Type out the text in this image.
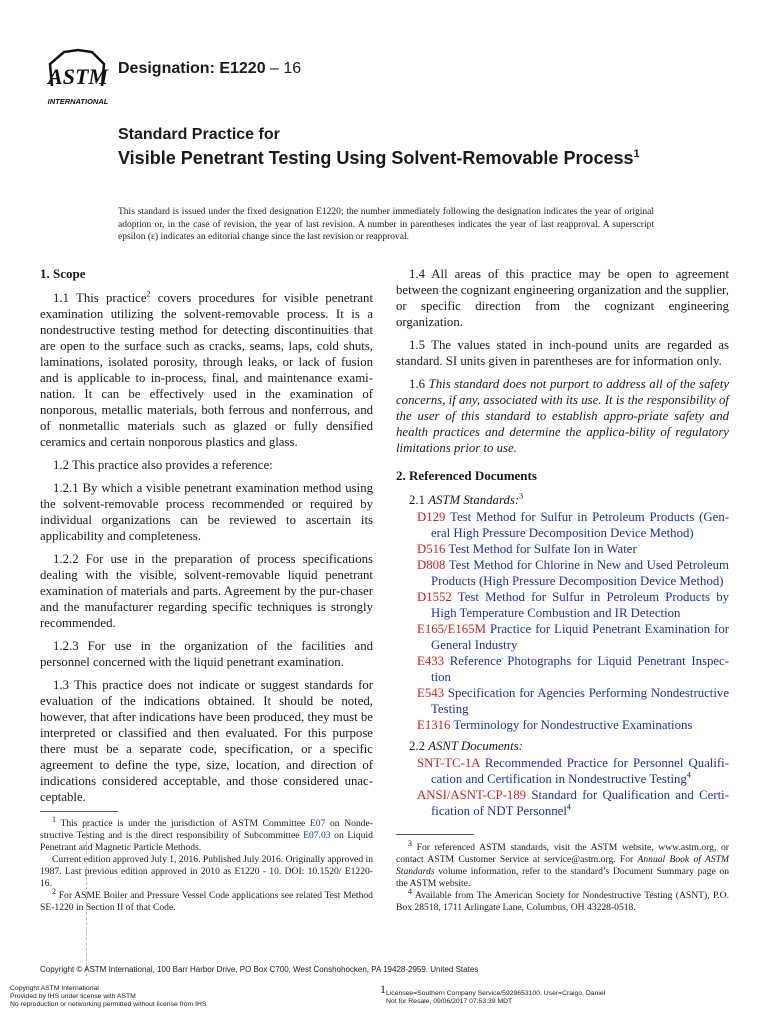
ASTM
INTERNATIONAL
Designation: E1220 – 16
Standard Practice for
Visible Penetrant Testing Using Solvent-Removable Process$^1$
This standard is issued under the fixed designation E1220; the number immediately following the designation indicates the year of original adoption or, in the case of revision, the year of last revision. A number in parentheses indicates the year of last reapproval. A superscript epsilon (ε) indicates an editorial change since the last revision or reapproval.
1. Scope

1.1 This practice$^2$ covers procedures for visible penetrant examination utilizing the solvent-removable process. It is a nondestructive testing method for detecting discontinuities that are open to the surface such as cracks, seams, laps, cold shuts, laminations, isolated porosity, through leaks, or lack of fusion and is applicable to in-process, final, and maintenance exami-nation. It can be effectively used in the examination of nonporous, metallic materials, both ferrous and nonferrous, and of nonmetallic materials such as glazed or fully densified ceramics and certain nonporous plastics and glass.

1.2 This practice also provides a reference:

1.2.1 By which a visible penetrant examination method using the solvent-removable process recommended or required by individual organizations can be reviewed to ascertain its applicability and completeness.

1.2.2 For use in the preparation of process specifications dealing with the visible, solvent-removable liquid penetrant examination of materials and parts. Agreement by the pur-chaser and the manufacturer regarding specific techniques is strongly recommended.

1.2.3 For use in the organization of the facilities and personnel concerned with the liquid penetrant examination.

1.3 This practice does not indicate or suggest standards for evaluation of the indications obtained. It should be noted, however, that after indications have been produced, they must be interpreted or classified and then evaluated. For this purpose there must be a separate code, specification, or a specific agreement to define the type, size, location, and direction of indications considered acceptable, and those considered unac-ceptable.

1.4 All areas of this practice may be open to agreement between the cognizant engineering organization and the supplier, or specific direction from the cognizant engineering organization.

1.5 The values stated in inch-pound units are regarded as standard. SI units given in parentheses are for information only.

1.6 This standard does not purport to address all of the safety concerns, if any, associated with its use. It is the responsibility of the user of this standard to establish appro-priate safety and health practices and determine the applica-bility of regulatory limitations prior to use.

2. Referenced Documents

2.1 ASTM Standards:$^3$

D129 Test Method for Sulfur in Petroleum Products (Gen-eral High Pressure Decomposition Device Method)
D516 Test Method for Sulfate Ion in Water
D808 Test Method for Chlorine in New and Used Petroleum Products (High Pressure Decomposition Device Method)
D1552 Test Method for Sulfur in Petroleum Products by High Temperature Combustion and IR Detection
E165/E165M Practice for Liquid Penetrant Examination for General Industry
E433 Reference Photographs for Liquid Penetrant Inspec-tion
E543 Specification for Agencies Performing Nondestructive Testing
E1316 Terminology for Nondestructive Examinations

2.2 ASNT Documents:

SNT-TC-1A Recommended Practice for Personnel Qualifi-cation and Certification in Nondestructive Testing$^4$
ANSI/ASNT-CP-189 Standard for Qualification and Certi-fication of NDT Personnel$^4$

$^1$ This practice is under the jurisdiction of ASTM Committee E07 on Nonde-structive Testing and is the direct responsibility of Subcommittee E07.03 on Liquid Penetrant and Magnetic Particle Methods.

Current edition approved July 1, 2016. Published July 2016. Originally approved in 1987. Last previous edition approved in 2010 as E1220 - 10. DOI: 10.1520/ E1220-16.

$^2$ For ASME Boiler and Pressure Vessel Code applications see related Test Method SE-1220 in Section II of that Code.

$^3$ For referenced ASTM standards, visit the ASTM website, www.astm.org, or contact ASTM Customer Service at service@astm.org. For Annual Book of ASTM Standards volume information, refer to the standard’s Document Summary page on the ASTM website.

$^4$ Available from The American Society for Nondestructive Testing (ASNT), P.O. Box 28518, 1711 Arlingate Lane, Columbus, OH 43228-0518.

Copyright © ASTM International, 100 Barr Harbor Drive, PO Box C700, West Conshohocken, PA 19428-2959. United States
Copyright ASTM International
Provided by IHS under license with ASTM
No reproduction or networking permitted without license from IHS
1 Licensee=Southern Company Service/5929653100, User=Craigo, Daniel
Not for Resale, 09/06/2017 07:53:39 MDT
